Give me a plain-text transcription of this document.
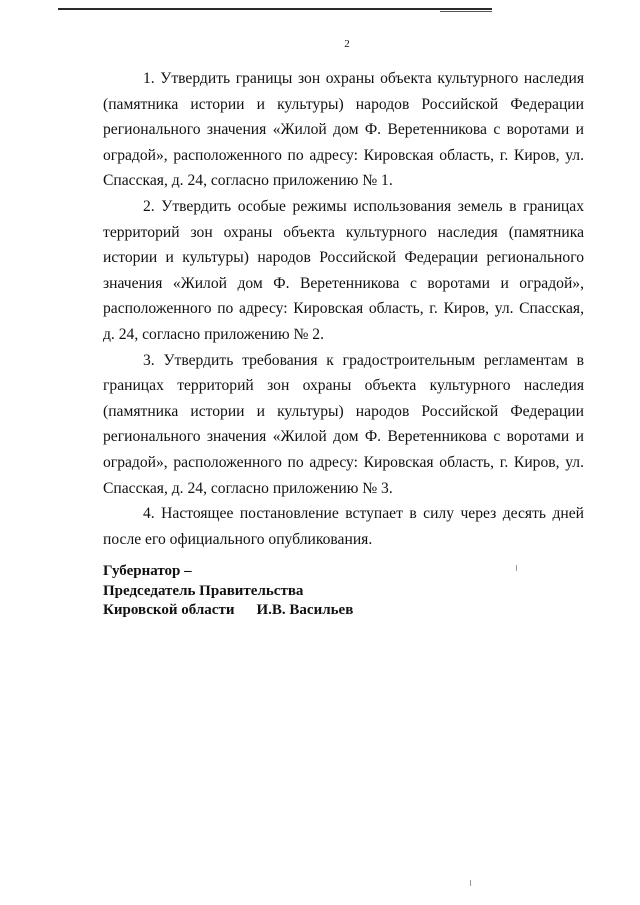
2

1. Утвердить границы зон охраны объекта культурного наследия (памятника истории и культуры) народов Российской Федерации регионального значения «Жилой дом Ф. Веретенникова с воротами и оградой», расположенного по адресу: Кировская область, г. Киров, ул. Спасская, д. 24, согласно приложению № 1.

2. Утвердить особые режимы использования земель в границах территорий зон охраны объекта культурного наследия (памятника истории и культуры) народов Российской Федерации регионального значения «Жилой дом Ф. Веретенникова с воротами и оградой», расположенного по адресу: Кировская область, г. Киров, ул. Спасская, д. 24, согласно приложению № 2.

3. Утвердить требования к градостроительным регламентам в границах территорий зон охраны объекта культурного наследия (памятника истории и культуры) народов Российской Федерации регионального значения «Жилой дом Ф. Веретенникова с воротами и оградой», расположенного по адресу: Кировская область, г. Киров, ул. Спасская, д. 24, согласно приложению № 3.

4. Настоящее постановление вступает в силу через десять дней после его официального опубликования.

Губернатор –
Председатель Правительства
Кировской области И.В. Васильев
